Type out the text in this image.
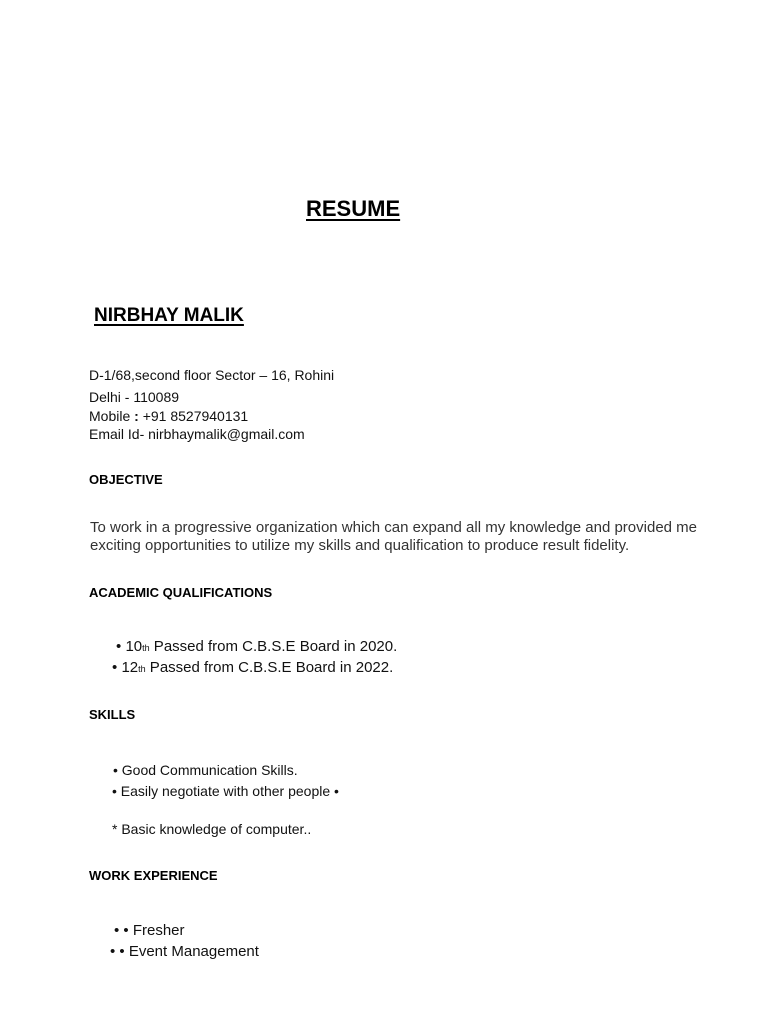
RESUME
NIRBHAY MALIK
D-1/68,second floor Sector – 16, Rohini
Delhi - 110089
Mobile : +91 8527940131
Email Id- nirbhaymalik@gmail.com
OBJECTIVE
To work in a progressive organization which can expand all my knowledge and provided me exciting opportunities to utilize my skills and qualification to produce result fidelity.
ACADEMIC QUALIFICATIONS
• 10th Passed from C.B.S.E Board in 2020.
• 12th Passed from C.B.S.E Board in 2022.
SKILLS
• Good Communication Skills.
• Easily negotiate with other people •
* Basic knowledge of computer..
WORK EXPERIENCE
• • Fresher
• • Event Management
